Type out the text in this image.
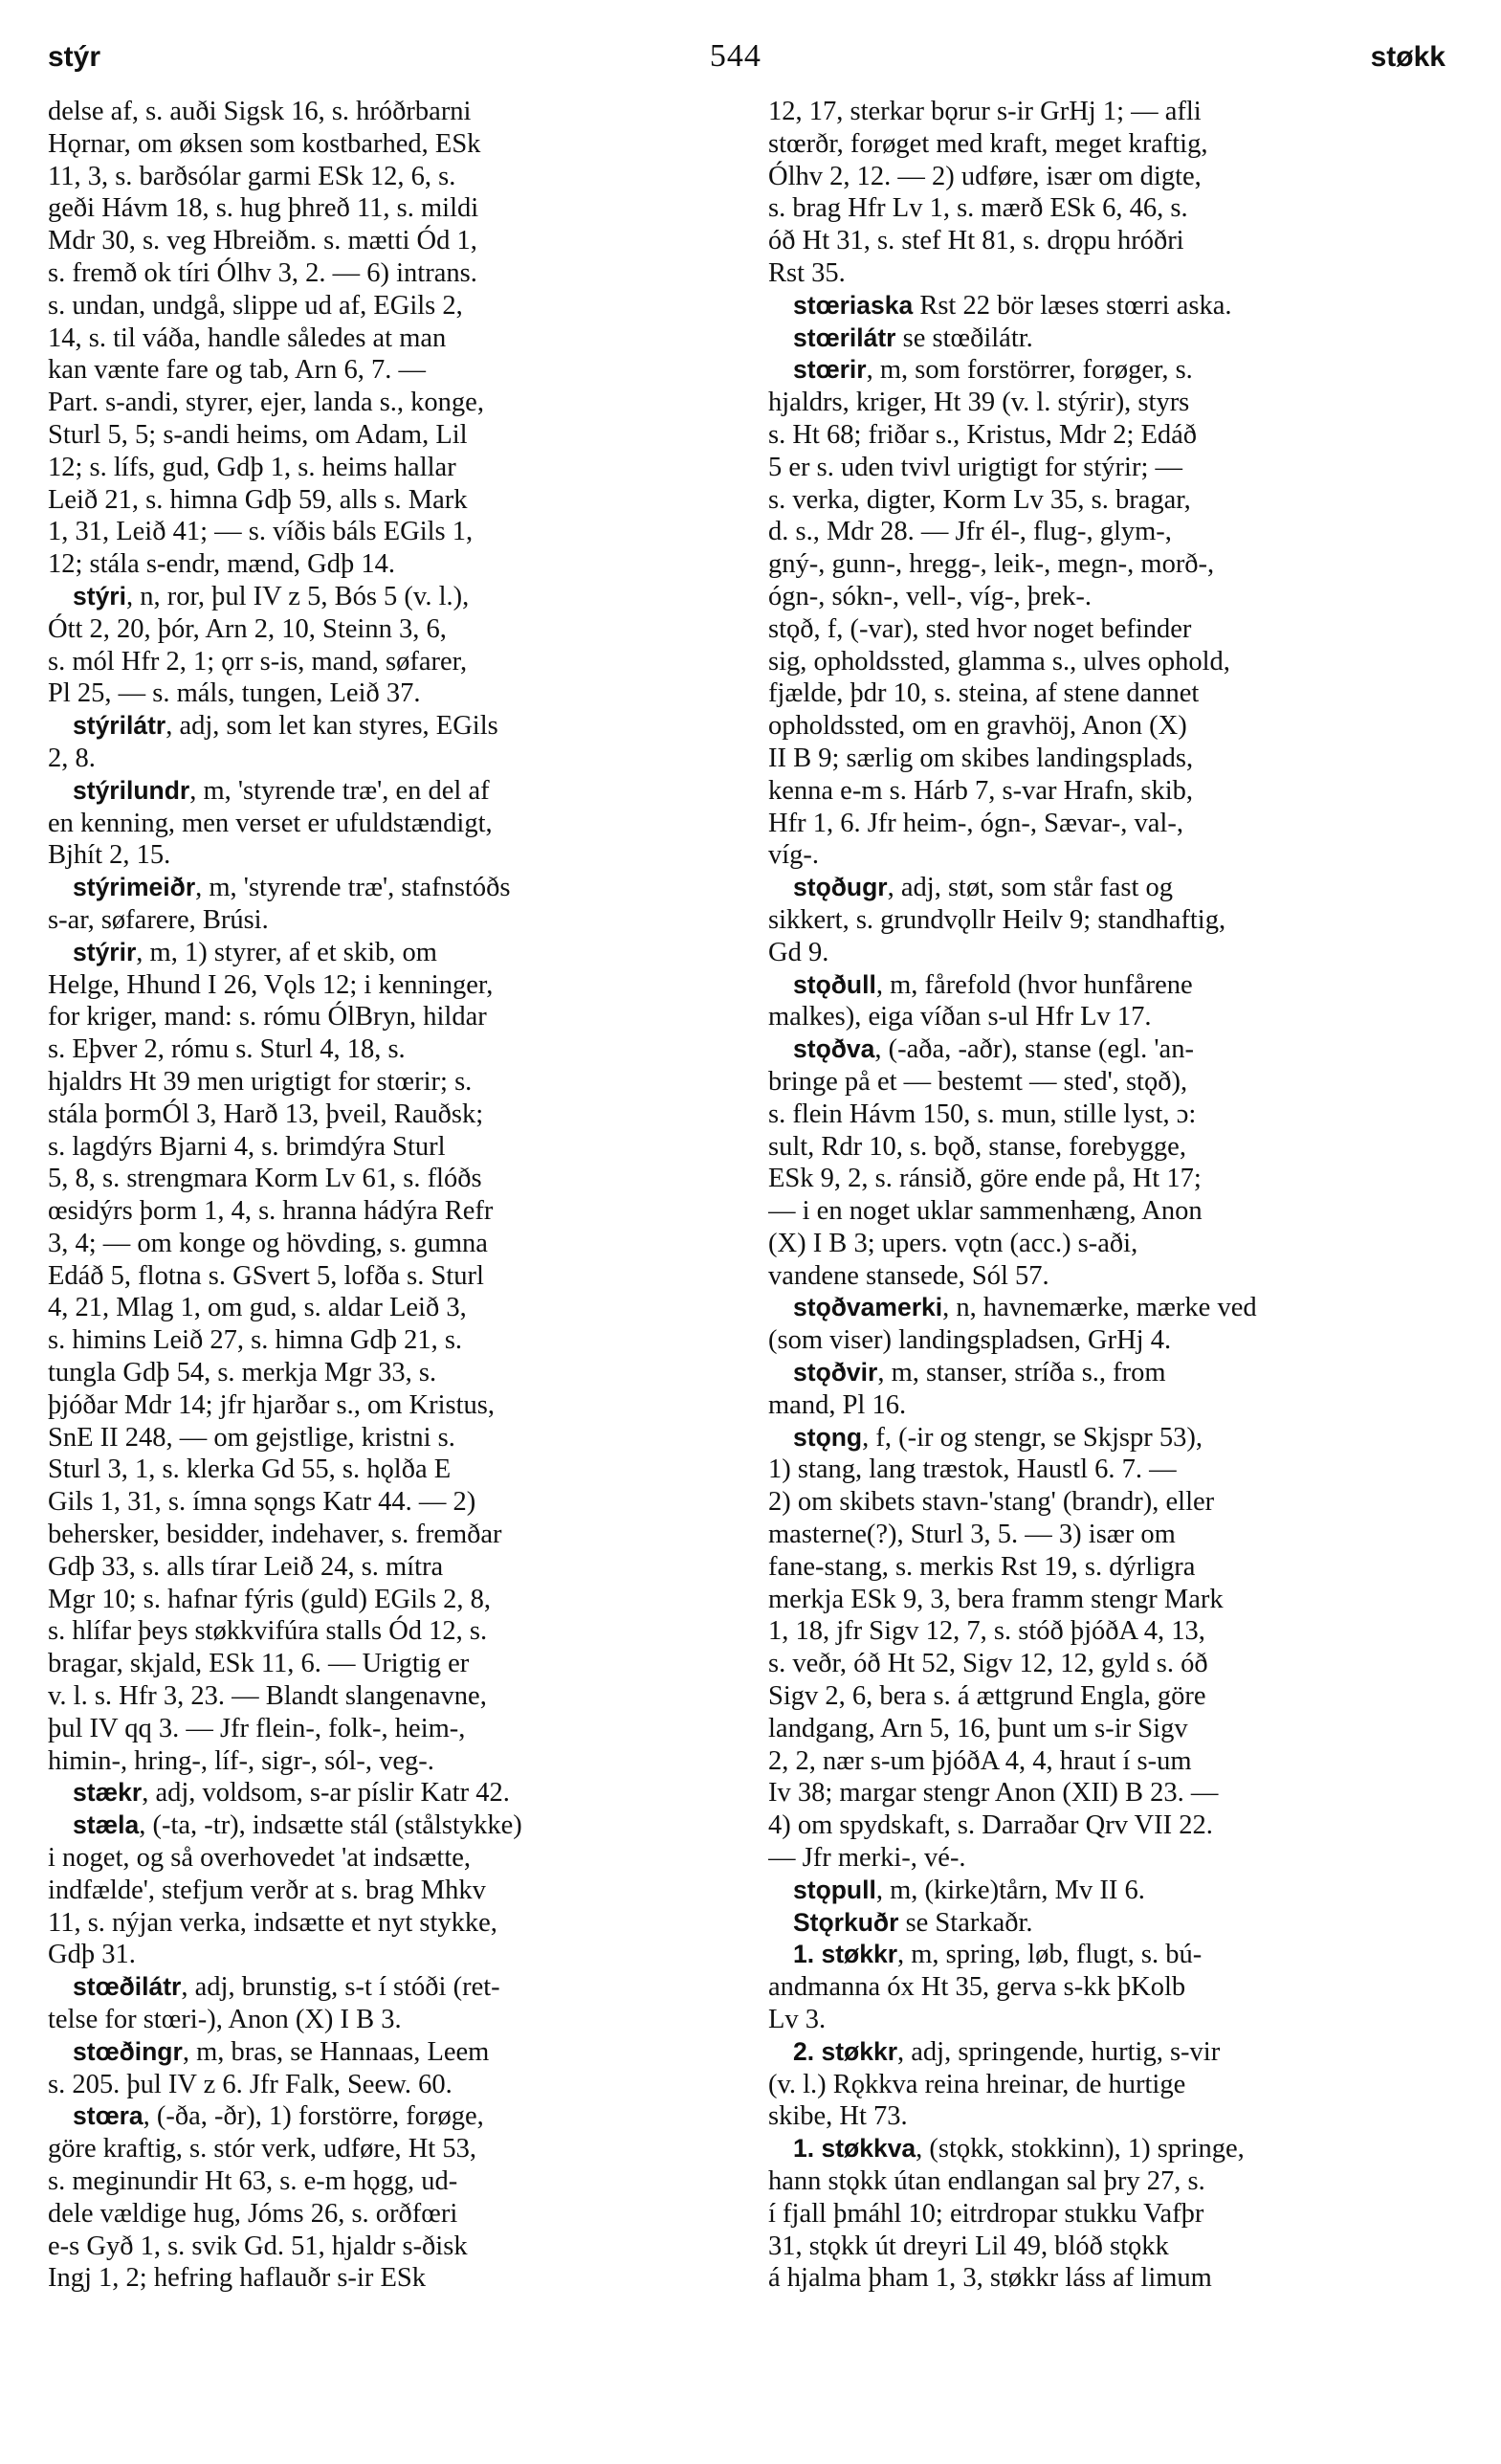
stýr	544	støkk
delse af, s. auði Sigsk 16, s. hróðrbarni
Hǫrnar, om øksen som kostbarhed, ESk
11, 3, s. barðsólar garmi ESk 12, 6, s.
geði Hávm 18, s. hug þhreð 11, s. mildi
Mdr 30, s. veg Hbreiðm. s. mætti Ód 1,
s. fremð ok tíri Ólhv 3, 2. — 6) intrans.
s. undan, undgå, slippe ud af, EGils 2,
14, s. til váða, handle således at man
kan vænte fare og tab, Arn 6, 7. —
Part. s-andi, styrer, ejer, landa s., konge,
Sturl 5, 5; s-andi heims, om Adam, Lil
12; s. lífs, gud, Gdþ 1, s. heims hallar
Leið 21, s. himna Gdþ 59, alls s. Mark
1, 31, Leið 41; — s. víðis báls EGils 1,
12; stála s-endr, mænd, Gdþ 14.
stýri, n, ror, þul IV z 5, Bós 5 (v. l.),
Ótt 2, 20, þór, Arn 2, 10, Steinn 3, 6,
s. mól Hfr 2, 1; ǫrr s-is, mand, søfarer,
Pl 25, — s. máls, tungen, Leið 37.
stýrilátr, adj, som let kan styres, EGils
2, 8.
stýrilundr, m, 'styrende træ', en del af
en kenning, men verset er ufuldstændigt,
Bjhít 2, 15.
stýrimeiðr, m, 'styrende træ', stafnstóðs
s-ar, søfarere, Brúsi.
stýrir, m, 1) styrer, af et skib, om
Helge, Hhund I 26, Vǫls 12; i kenninger,
for kriger, mand: s. rómu ÓlBryn, hildar
s. Eþver 2, rómu s. Sturl 4, 18, s.
hjaldrs Ht 39 men urigtigt for stœrir; s.
stála þormÓl 3, Harð 13, þveil, Rauðsk;
s. lagdýrs Bjarni 4, s. brimdýra Sturl
5, 8, s. strengmara Korm Lv 61, s. flóðs
œsidýrs þorm 1, 4, s. hranna hádýra Refr
3, 4; — om konge og hövding, s. gumna
Edáð 5, flotna s. GSvert 5, lofða s. Sturl
4, 21, Mlag 1, om gud, s. aldar Leið 3,
s. himins Leið 27, s. himna Gdþ 21, s.
tungla Gdþ 54, s. merkja Mgr 33, s.
þjóðar Mdr 14; jfr hjarðar s., om Kristus,
SnE II 248, — om gejstlige, kristni s.
Sturl 3, 1, s. klerka Gd 55, s. hǫlða E
Gils 1, 31, s. ímna sǫngs Katr 44. — 2)
behersker, besidder, indehaver, s. fremðar
Gdþ 33, s. alls tírar Leið 24, s. mítra
Mgr 10; s. hafnar fýris (guld) EGils 2, 8,
s. hlífar þeys støkkvifúra stalls Ód 12, s.
bragar, skjald, ESk 11, 6. — Urigtig er
v. l. s. Hfr 3, 23. — Blandt slangenavne,
þul IV qq 3. — Jfr flein-, folk-, heim-,
himin-, hring-, líf-, sigr-, sól-, veg-.
stækr, adj, voldsom, s-ar píslir Katr 42.
stæla, (-ta, -tr), indsætte stál (stålstykke)
i noget, og så overhovedet 'at indsætte,
indfælde', stefjum verðr at s. brag Mhkv
11, s. nýjan verka, indsætte et nyt stykke,
Gdþ 31.
stœðilátr, adj, brunstig, s-t í stóði (ret-
telse for stœri-), Anon (X) I B 3.
stœðingr, m, bras, se Hannaas, Leem
s. 205. þul IV z 6. Jfr Falk, Seew. 60.
stœra, (-ða, -ðr), 1) forstörre, forøge,
göre kraftig, s. stór verk, udføre, Ht 53,
s. meginundir Ht 63, s. e-m hǫgg, ud-
dele vældige hug, Jóms 26, s. orðfœri
e-s Gyð 1, s. svik Gd. 51, hjaldr s-ðisk
Ingj 1, 2; hefring haflauðr s-ir ESk
12, 17, sterkar bǫrur s-ir GrHj 1; — afli
stœrðr, forøget med kraft, meget kraftig,
Ólhv 2, 12. — 2) udføre, især om digte,
s. brag Hfr Lv 1, s. mærð ESk 6, 46, s.
óð Ht 31, s. stef Ht 81, s. drǫpu hróðri
Rst 35.
stœriaska Rst 22 bör læses stœrri aska.
stœrilátr se stœðilátr.
stœrir, m, som forstörrer, forøger, s.
hjaldrs, kriger, Ht 39 (v. l. stýrir), styrs
s. Ht 68; friðar s., Kristus, Mdr 2; Edáð
5 er s. uden tvivl urigtigt for stýrir; —
s. verka, digter, Korm Lv 35, s. bragar,
d. s., Mdr 28. — Jfr él-, flug-, glym-,
gný-, gunn-, hregg-, leik-, megn-, morð-,
ógn-, sókn-, vell-, víg-, þrek-.
stǫð, f, (-var), sted hvor noget befinder
sig, opholdssted, glamma s., ulves ophold,
fjælde, þdr 10, s. steina, af stene dannet
opholdssted, om en gravhöj, Anon (X)
II B 9; særlig om skibes landingsplads,
kenna e-m s. Hárb 7, s-var Hrafn, skib,
Hfr 1, 6. Jfr heim-, ógn-, Sævar-, val-,
víg-.
stǫðugr, adj, støt, som står fast og
sikkert, s. grundvǫllr Heilv 9; standhaftig,
Gd 9.
stǫðull, m, fårefold (hvor hunfårene
malkes), eiga víðan s-ul Hfr Lv 17.
stǫðva, (-aða, -aðr), stanse (egl. 'an-
bringe på et — bestemt — sted', stǫð),
s. flein Hávm 150, s. mun, stille lyst, ɔ:
sult, Rdr 10, s. bǫð, stanse, forebygge,
ESk 9, 2, s. ránsið, göre ende på, Ht 17;
— i en noget uklar sammenhæng, Anon
(X) I B 3; upers. vǫtn (acc.) s-aði,
vandene stansede, Sól 57.
stǫðvamerki, n, havnemærke, mærke ved
(som viser) landingspladsen, GrHj 4.
stǫðvir, m, stanser, stríða s., from
mand, Pl 16.
stǫng, f, (-ir og stengr, se Skjspr 53),
1) stang, lang træstok, Haustl 6. 7. —
2) om skibets stavn-'stang' (brandr), eller
masterne(?), Sturl 3, 5. — 3) især om
fane-stang, s. merkis Rst 19, s. dýrligra
merkja ESk 9, 3, bera framm stengr Mark
1, 18, jfr Sigv 12, 7, s. stóð þjóðA 4, 13,
s. veðr, óð Ht 52, Sigv 12, 12, gyld s. óð
Sigv 2, 6, bera s. á ættgrund Engla, göre
landgang, Arn 5, 16, þunt um s-ir Sigv
2, 2, nær s-um þjóðA 4, 4, hraut í s-um
Iv 38; margar stengr Anon (XII) B 23. —
4) om spydskaft, s. Darraðar Qrv VII 22.
— Jfr merki-, vé-.
stǫpull, m, (kirke)tårn, Mv II 6.
Stǫrkuðr se Starkaðr.
1. støkkr, m, spring, løb, flugt, s. bú-
andmanna óx Ht 35, gerva s-kk þKolb
Lv 3.
2. støkkr, adj, springende, hurtig, s-vir
(v. l.) Rǫkkva reina hreinar, de hurtige
skibe, Ht 73.
1. støkkva, (stǫkk, stokkinn), 1) springe,
hann stǫkk útan endlangan sal þry 27, s.
í fjall þmáhl 10; eitrdropar stukku Vafþr
31, stǫkk út dreyri Lil 49, blóð stǫkk
á hjalma þham 1, 3, støkkr láss af limum
